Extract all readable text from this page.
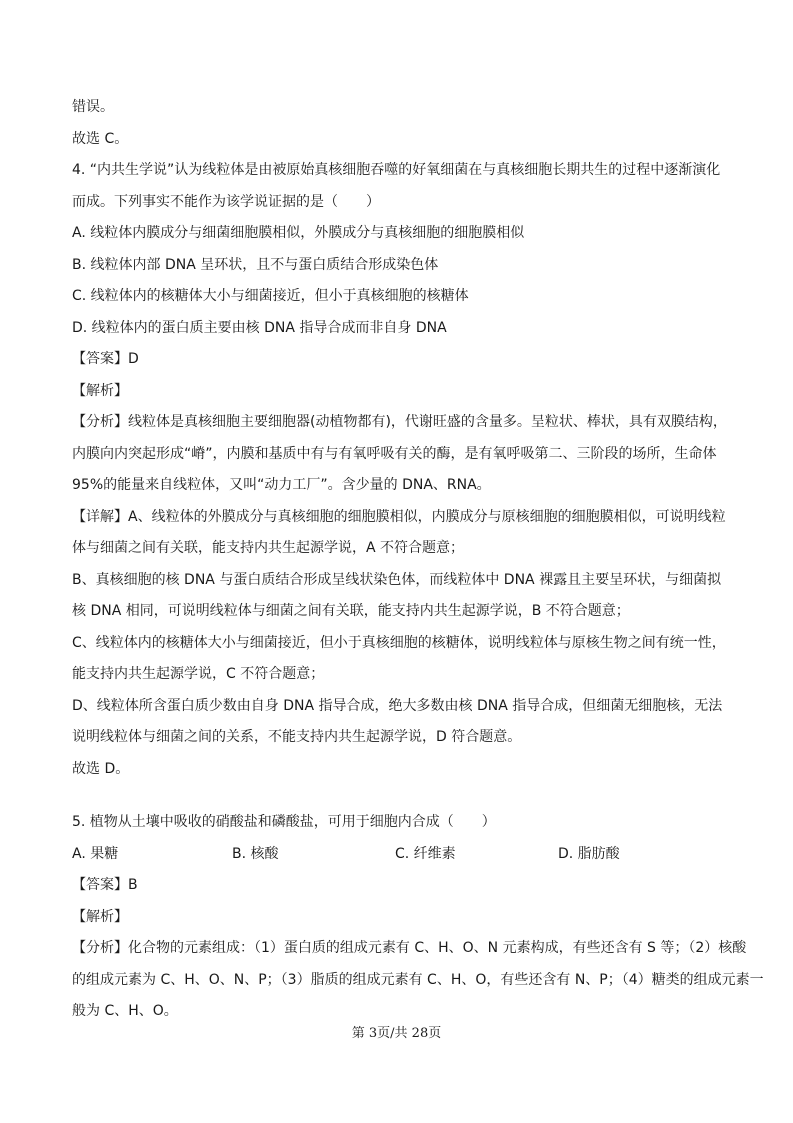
错误。
故选 C。
4. “内共生学说”认为线粒体是由被原始真核细胞吞噬的好氧细菌在与真核细胞长期共生的过程中逐渐演化
而成。下列事实不能作为该学说证据的是（　　）
A. 线粒体内膜成分与细菌细胞膜相似，外膜成分与真核细胞的细胞膜相似
B. 线粒体内部 DNA 呈环状，且不与蛋白质结合形成染色体
C. 线粒体内的核糖体大小与细菌接近，但小于真核细胞的核糖体
D. 线粒体内的蛋白质主要由核 DNA 指导合成而非自身 DNA
【答案】D
【解析】
【分析】线粒体是真核细胞主要细胞器(动植物都有)，代谢旺盛的含量多。呈粒状、棒状，具有双膜结构，
内膜向内突起形成“嵴”，内膜和基质中有与有氧呼吸有关的酶，是有氧呼吸第二、三阶段的场所，生命体
95%的能量来自线粒体，又叫“动力工厂”。含少量的 DNA、RNA。
【详解】A、线粒体的外膜成分与真核细胞的细胞膜相似，内膜成分与原核细胞的细胞膜相似，可说明线粒
体与细菌之间有关联，能支持内共生起源学说，A 不符合题意；
B、真核细胞的核 DNA 与蛋白质结合形成呈线状染色体，而线粒体中 DNA 裸露且主要呈环状，与细菌拟
核 DNA 相同，可说明线粒体与细菌之间有关联，能支持内共生起源学说，B 不符合题意；
C、线粒体内的核糖体大小与细菌接近，但小于真核细胞的核糖体，说明线粒体与原核生物之间有统一性，
能支持内共生起源学说，C 不符合题意；
D、线粒体所含蛋白质少数由自身 DNA 指导合成，绝大多数由核 DNA 指导合成，但细菌无细胞核，无法
说明线粒体与细菌之间的关系，不能支持内共生起源学说，D 符合题意。
故选 D。
5. 植物从土壤中吸收的硝酸盐和磷酸盐，可用于细胞内合成（　　）
A. 果糖	B. 核酸	C. 纤维素	D. 脂肪酸
【答案】B
【解析】
【分析】化合物的元素组成：（1）蛋白质的组成元素有 C、H、O、N 元素构成，有些还含有 S 等；（2）核酸
的组成元素为 C、H、O、N、P；（3）脂质的组成元素有 C、H、O，有些还含有 N、P；（4）糖类的组成元素一
般为 C、H、O。
第 3页/共 28页
